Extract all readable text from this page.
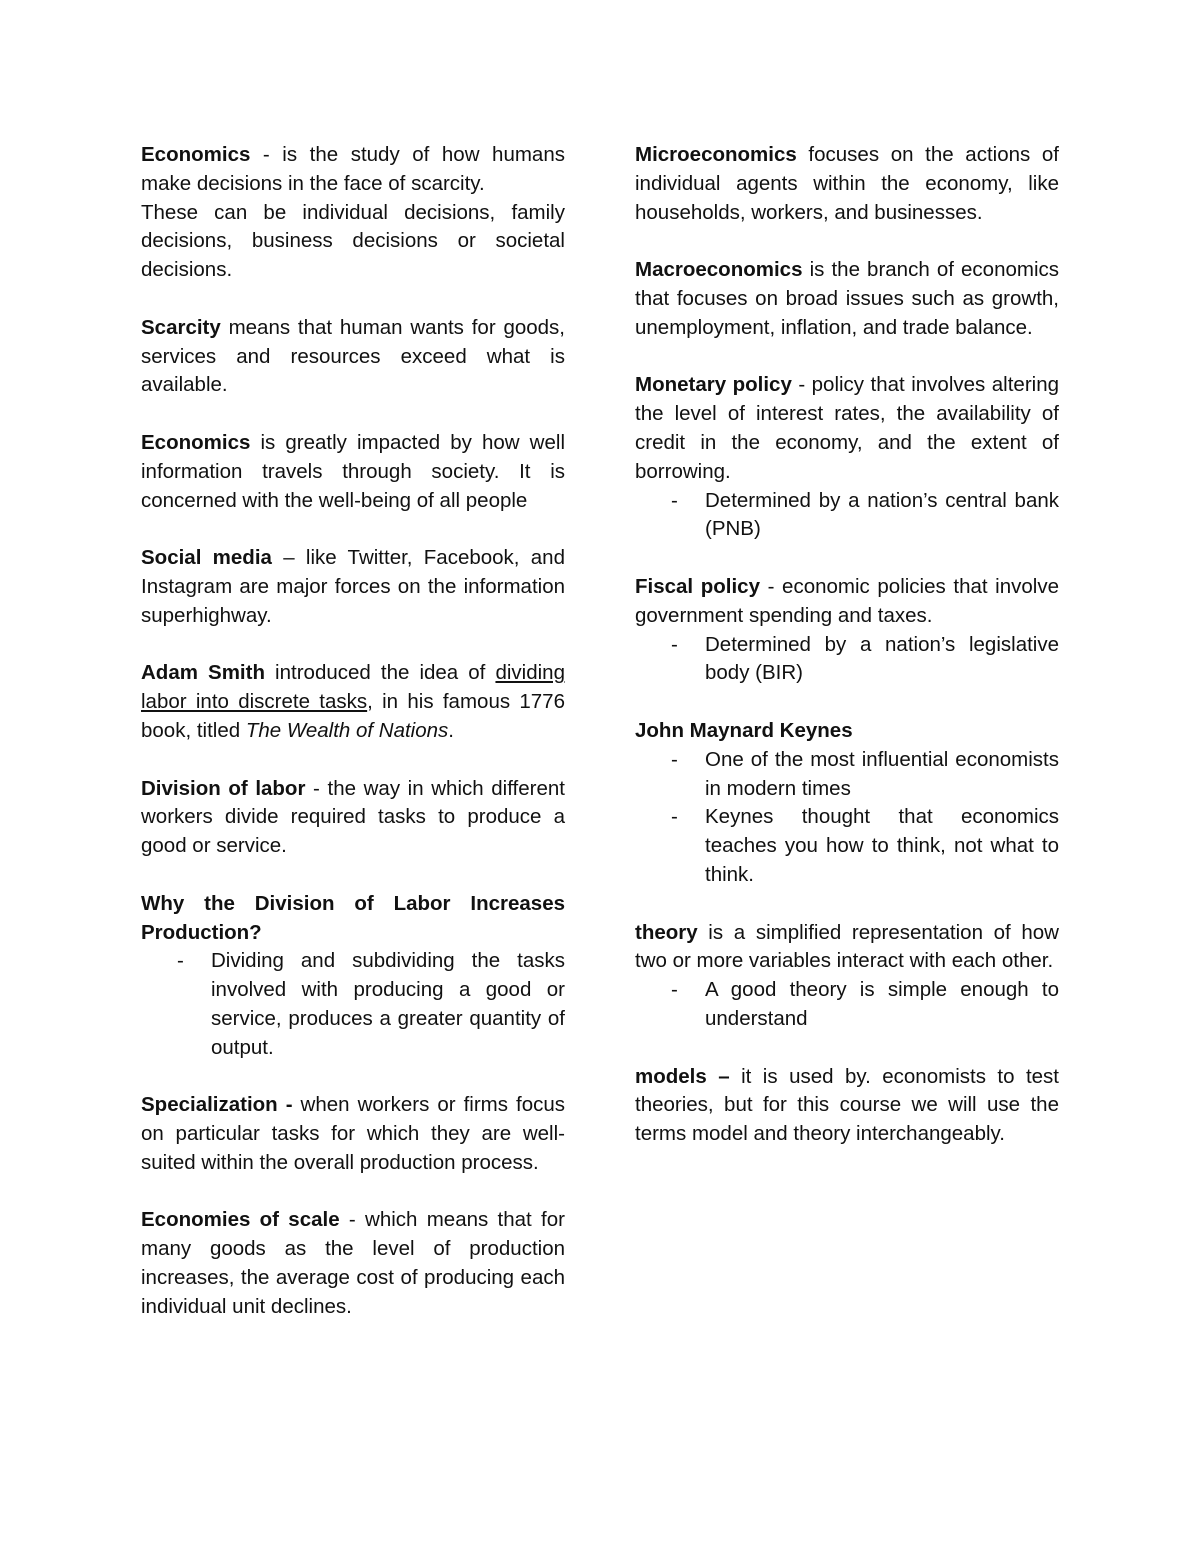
Economics - is the study of how humans make decisions in the face of scarcity.

These can be individual decisions, family decisions, business decisions or societal decisions.

Scarcity means that human wants for goods, services and resources exceed what is available.

Economics is greatly impacted by how well information travels through society. It is concerned with the well-being of all people

Social media – like Twitter, Facebook, and Instagram are major forces on the information superhighway.

Adam Smith introduced the idea of dividing labor into discrete tasks, in his famous 1776 book, titled The Wealth of Nations.

Division of labor - the way in which different workers divide required tasks to produce a good or service.

Why the Division of Labor Increases Production?

- Dividing and subdividing the tasks involved with producing a good or service, produces a greater quantity of output.

Specialization - when workers or firms focus on particular tasks for which they are well-suited within the overall production process.

Economies of scale - which means that for many goods as the level of production increases, the average cost of producing each individual unit declines.

Microeconomics focuses on the actions of individual agents within the economy, like households, workers, and businesses.

Macroeconomics is the branch of economics that focuses on broad issues such as growth, unemployment, inflation, and trade balance.

Monetary policy - policy that involves altering the level of interest rates, the availability of credit in the economy, and the extent of borrowing.

- Determined by a nation’s central bank (PNB)

Fiscal policy - economic policies that involve government spending and taxes.

- Determined by a nation’s legislative body (BIR)

John Maynard Keynes

- One of the most influential economists in modern times
- Keynes thought that economics teaches you how to think, not what to think.

theory is a simplified representation of how two or more variables interact with each other.

- A good theory is simple enough to understand

models – it is used by. economists to test theories, but for this course we will use the terms model and theory interchangeably.
